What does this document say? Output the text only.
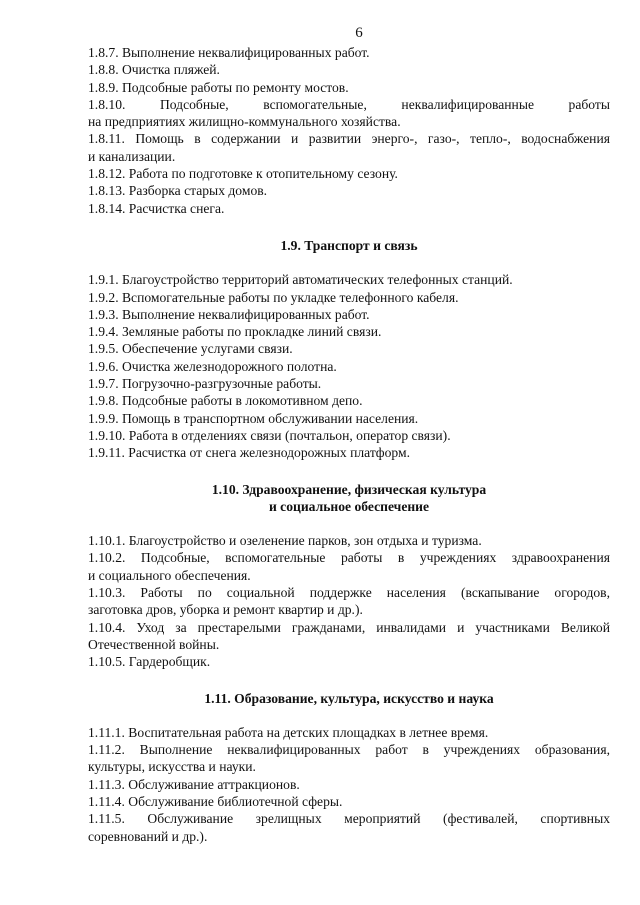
6

1.8.7. Выполнение неквалифицированных работ.

1.8.8. Очистка пляжей.

1.8.9. Подсобные работы по ремонту мостов.

1.8.10. Подсобные, вспомогательные, неквалифицированные работы

на предприятиях жилищно-коммунального хозяйства.

1.8.11. Помощь в содержании и развитии энерго-, газо-, тепло-, водоснабжения

и канализации.

1.8.12. Работа по подготовке к отопительному сезону.

1.8.13. Разборка старых домов.

1.8.14. Расчистка снега.

1.9. Транспорт и связь

1.9.1. Благоустройство территорий автоматических телефонных станций.

1.9.2. Вспомогательные работы по укладке телефонного кабеля.

1.9.3. Выполнение неквалифицированных работ.

1.9.4. Земляные работы по прокладке линий связи.

1.9.5. Обеспечение услугами связи.

1.9.6. Очистка железнодорожного полотна.

1.9.7. Погрузочно-разгрузочные работы.

1.9.8. Подсобные работы в локомотивном депо.

1.9.9. Помощь в транспортном обслуживании населения.

1.9.10. Работа в отделениях связи (почтальон, оператор связи).

1.9.11. Расчистка от снега железнодорожных платформ.

1.10. Здравоохранение, физическая культура
и социальное обеспечение

1.10.1. Благоустройство и озеленение парков, зон отдыха и туризма.

1.10.2. Подсобные, вспомогательные работы в учреждениях здравоохранения

и социального обеспечения.

1.10.3. Работы по социальной поддержке населения (вскапывание огородов,

заготовка дров, уборка и ремонт квартир и др.).

1.10.4. Уход за престарелыми гражданами, инвалидами и участниками Великой

Отечественной войны.

1.10.5. Гардеробщик.

1.11. Образование, культура, искусство и наука

1.11.1. Воспитательная работа на детских площадках в летнее время.

1.11.2. Выполнение неквалифицированных работ в учреждениях образования,

культуры, искусства и науки.

1.11.3. Обслуживание аттракционов.

1.11.4. Обслуживание библиотечной сферы.

1.11.5. Обслуживание зрелищных мероприятий (фестивалей, спортивных

соревнований и др.).
